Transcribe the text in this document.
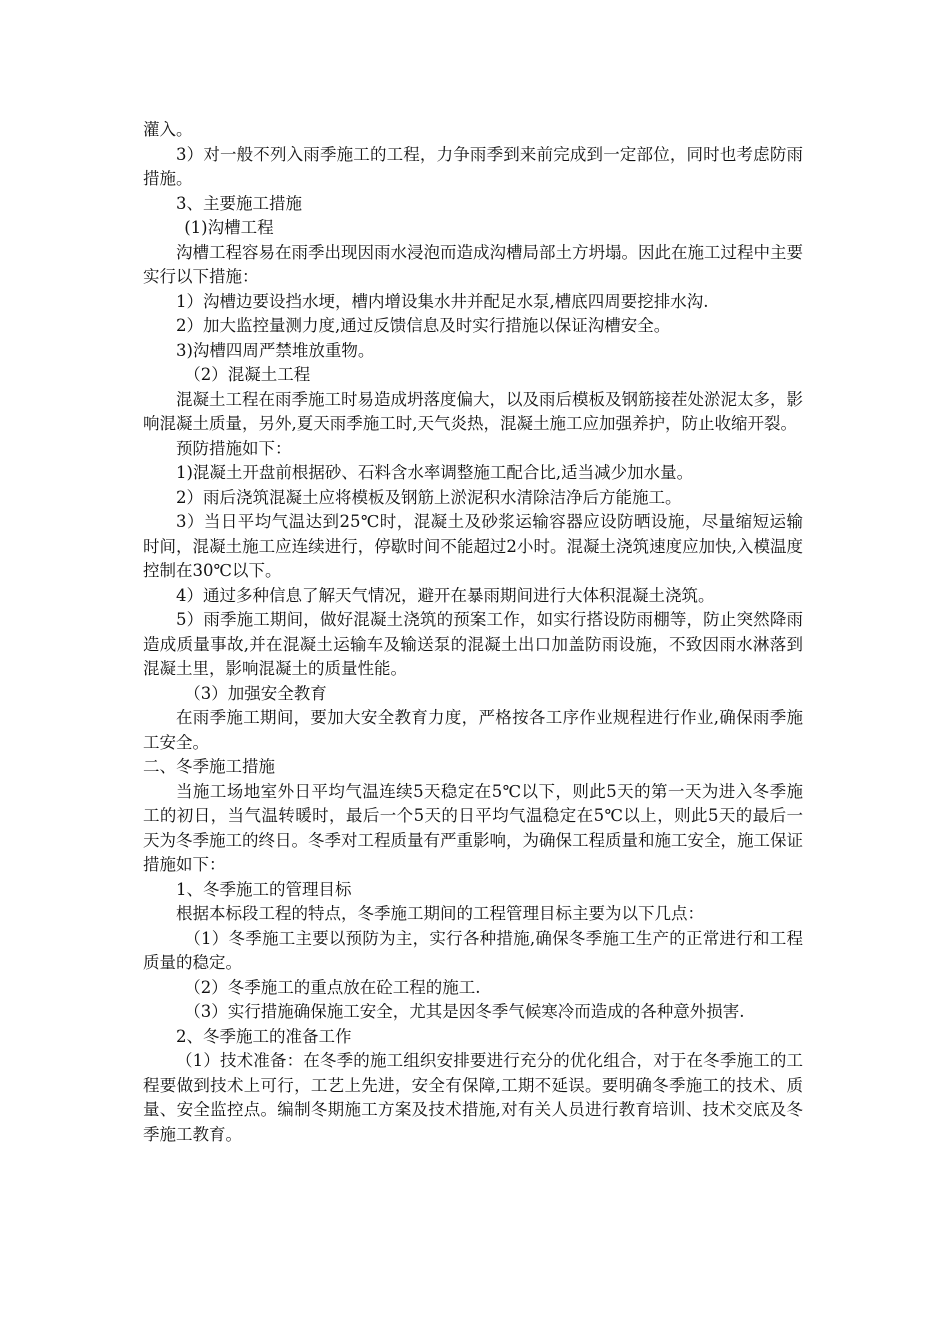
灌入。

3）对一般不列入雨季施工的工程，力争雨季到来前完成到一定部位，同时也考虑防雨措施。

3、主要施工措施

(1)沟槽工程

沟槽工程容易在雨季出现因雨水浸泡而造成沟槽局部土方坍塌。因此在施工过程中主要实行以下措施：

1）沟槽边要设挡水埂，槽内增设集水井并配足水泵,槽底四周要挖排水沟.

2）加大监控量测力度,通过反馈信息及时实行措施以保证沟槽安全。

3)沟槽四周严禁堆放重物。

（2）混凝土工程

混凝土工程在雨季施工时易造成坍落度偏大，以及雨后模板及钢筋接茬处淤泥太多，影响混凝土质量，另外,夏天雨季施工时,天气炎热，混凝土施工应加强养护，防止收缩开裂。

预防措施如下：

1)混凝土开盘前根据砂、石料含水率调整施工配合比,适当减少加水量。

2）雨后浇筑混凝土应将模板及钢筋上淤泥积水清除洁净后方能施工。

3）当日平均气温达到25℃时，混凝土及砂浆运输容器应设防晒设施，尽量缩短运输时间，混凝土施工应连续进行，停歇时间不能超过2小时。混凝土浇筑速度应加快,入模温度控制在30℃以下。

4）通过多种信息了解天气情况，避开在暴雨期间进行大体积混凝土浇筑。

5）雨季施工期间，做好混凝土浇筑的预案工作，如实行搭设防雨棚等，防止突然降雨造成质量事故,并在混凝土运输车及输送泵的混凝土出口加盖防雨设施，不致因雨水淋落到混凝土里，影响混凝土的质量性能。

（3）加强安全教育

在雨季施工期间，要加大安全教育力度，严格按各工序作业规程进行作业,确保雨季施工安全。

二、冬季施工措施

当施工场地室外日平均气温连续5天稳定在5℃以下，则此5天的第一天为进入冬季施工的初日，当气温转暖时，最后一个5天的日平均气温稳定在5℃以上，则此5天的最后一天为冬季施工的终日。冬季对工程质量有严重影响，为确保工程质量和施工安全，施工保证措施如下：

1、冬季施工的管理目标

根据本标段工程的特点，冬季施工期间的工程管理目标主要为以下几点：

（1）冬季施工主要以预防为主，实行各种措施,确保冬季施工生产的正常进行和工程质量的稳定。

（2）冬季施工的重点放在砼工程的施工.

（3）实行措施确保施工安全，尤其是因冬季气候寒冷而造成的各种意外损害.

2、冬季施工的准备工作

（1）技术准备：在冬季的施工组织安排要进行充分的优化组合，对于在冬季施工的工程要做到技术上可行，工艺上先进，安全有保障,工期不延误。要明确冬季施工的技术、质量、安全监控点。编制冬期施工方案及技术措施,对有关人员进行教育培训、技术交底及冬季施工教育。
